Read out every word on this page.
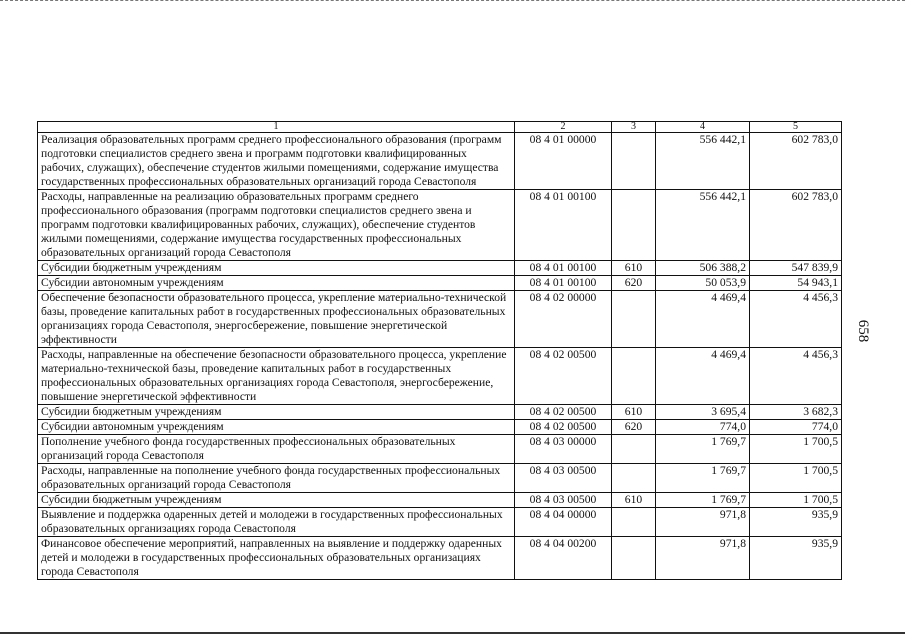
1	2	3	4	5
Реализация образовательных программ среднего профессионального образования (программ подготовки специалистов среднего звена и программ подготовки квалифицированных рабочих, служащих), обеспечение студентов жилыми помещениями, содержание имущества государственных профессиональных образовательных организаций города Севастополя	08 4 01 00000		556 442,1	602 783,0
Расходы, направленные на реализацию образовательных программ среднего профессионального образования (программ подготовки специалистов среднего звена и программ подготовки квалифицированных рабочих, служащих), обеспечение студентов жилыми помещениями, содержание имущества государственных профессиональных образовательных организаций города Севастополя	08 4 01 00100		556 442,1	602 783,0
Субсидии бюджетным учреждениям	08 4 01 00100	610	506 388,2	547 839,9
Субсидии автономным учреждениям	08 4 01 00100	620	50 053,9	54 943,1
Обеспечение безопасности образовательного процесса, укрепление материально-технической базы, проведение капитальных работ в государственных профессиональных образовательных организациях города Севастополя, энергосбережение, повышение энергетической эффективности	08 4 02 00000		4 469,4	4 456,3
Расходы, направленные на обеспечение безопасности образовательного процесса, укрепление материально-технической базы, проведение капитальных работ в государственных профессиональных образовательных организациях города Севастополя, энергосбережение, повышение энергетической эффективности	08 4 02 00500		4 469,4	4 456,3
Субсидии бюджетным учреждениям	08 4 02 00500	610	3 695,4	3 682,3
Субсидии автономным учреждениям	08 4 02 00500	620	774,0	774,0
Пополнение учебного фонда государственных профессиональных образовательных организаций города Севастополя	08 4 03 00000		1 769,7	1 700,5
Расходы, направленные на пополнение учебного фонда государственных профессиональных образовательных организаций города Севастополя	08 4 03 00500		1 769,7	1 700,5
Субсидии бюджетным учреждениям	08 4 03 00500	610	1 769,7	1 700,5
Выявление и поддержка одаренных детей и молодежи в государственных профессиональных образовательных организациях города Севастополя	08 4 04 00000		971,8	935,9
Финансовое обеспечение мероприятий, направленных на выявление и поддержку одаренных детей и молодежи в государственных профессиональных образовательных организациях города Севастополя	08 4 04 00200		971,8	935,9
658
